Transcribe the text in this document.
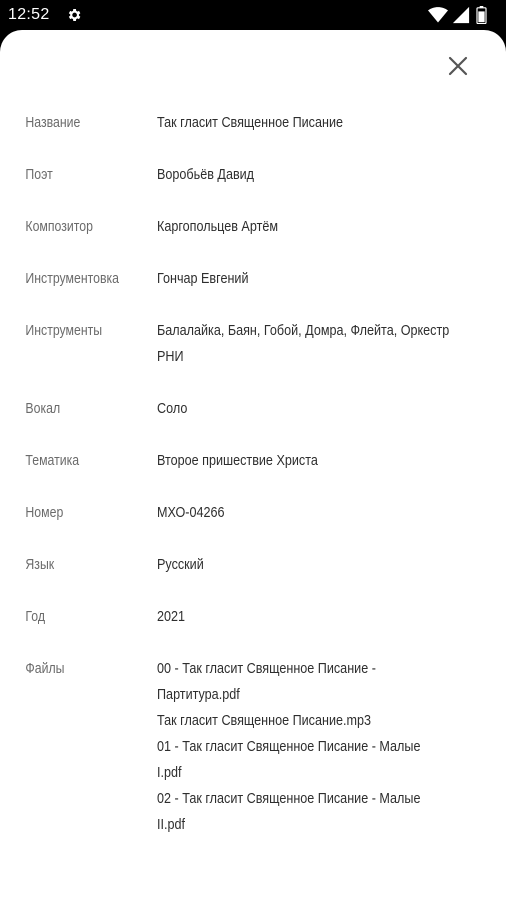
12:52
Название	Так гласит Священное Писание
Поэт	Воробьёв Давид
Композитор	Каргопольцев Артём
Инструментовка	Гончар Евгений
Инструменты	Балалайка, Баян, Гобой, Домра, Флейта, Оркестр
РНИ
Вокал	Соло
Тематика	Второе пришествие Христа
Номер	МХО-04266
Язык	Русский
Год	2021
Файлы	00 - Так гласит Священное Писание -
Партитура.pdf
Так гласит Священное Писание.mp3
01 - Так гласит Священное Писание - Малые
I.pdf
02 - Так гласит Священное Писание - Малые
II.pdf
